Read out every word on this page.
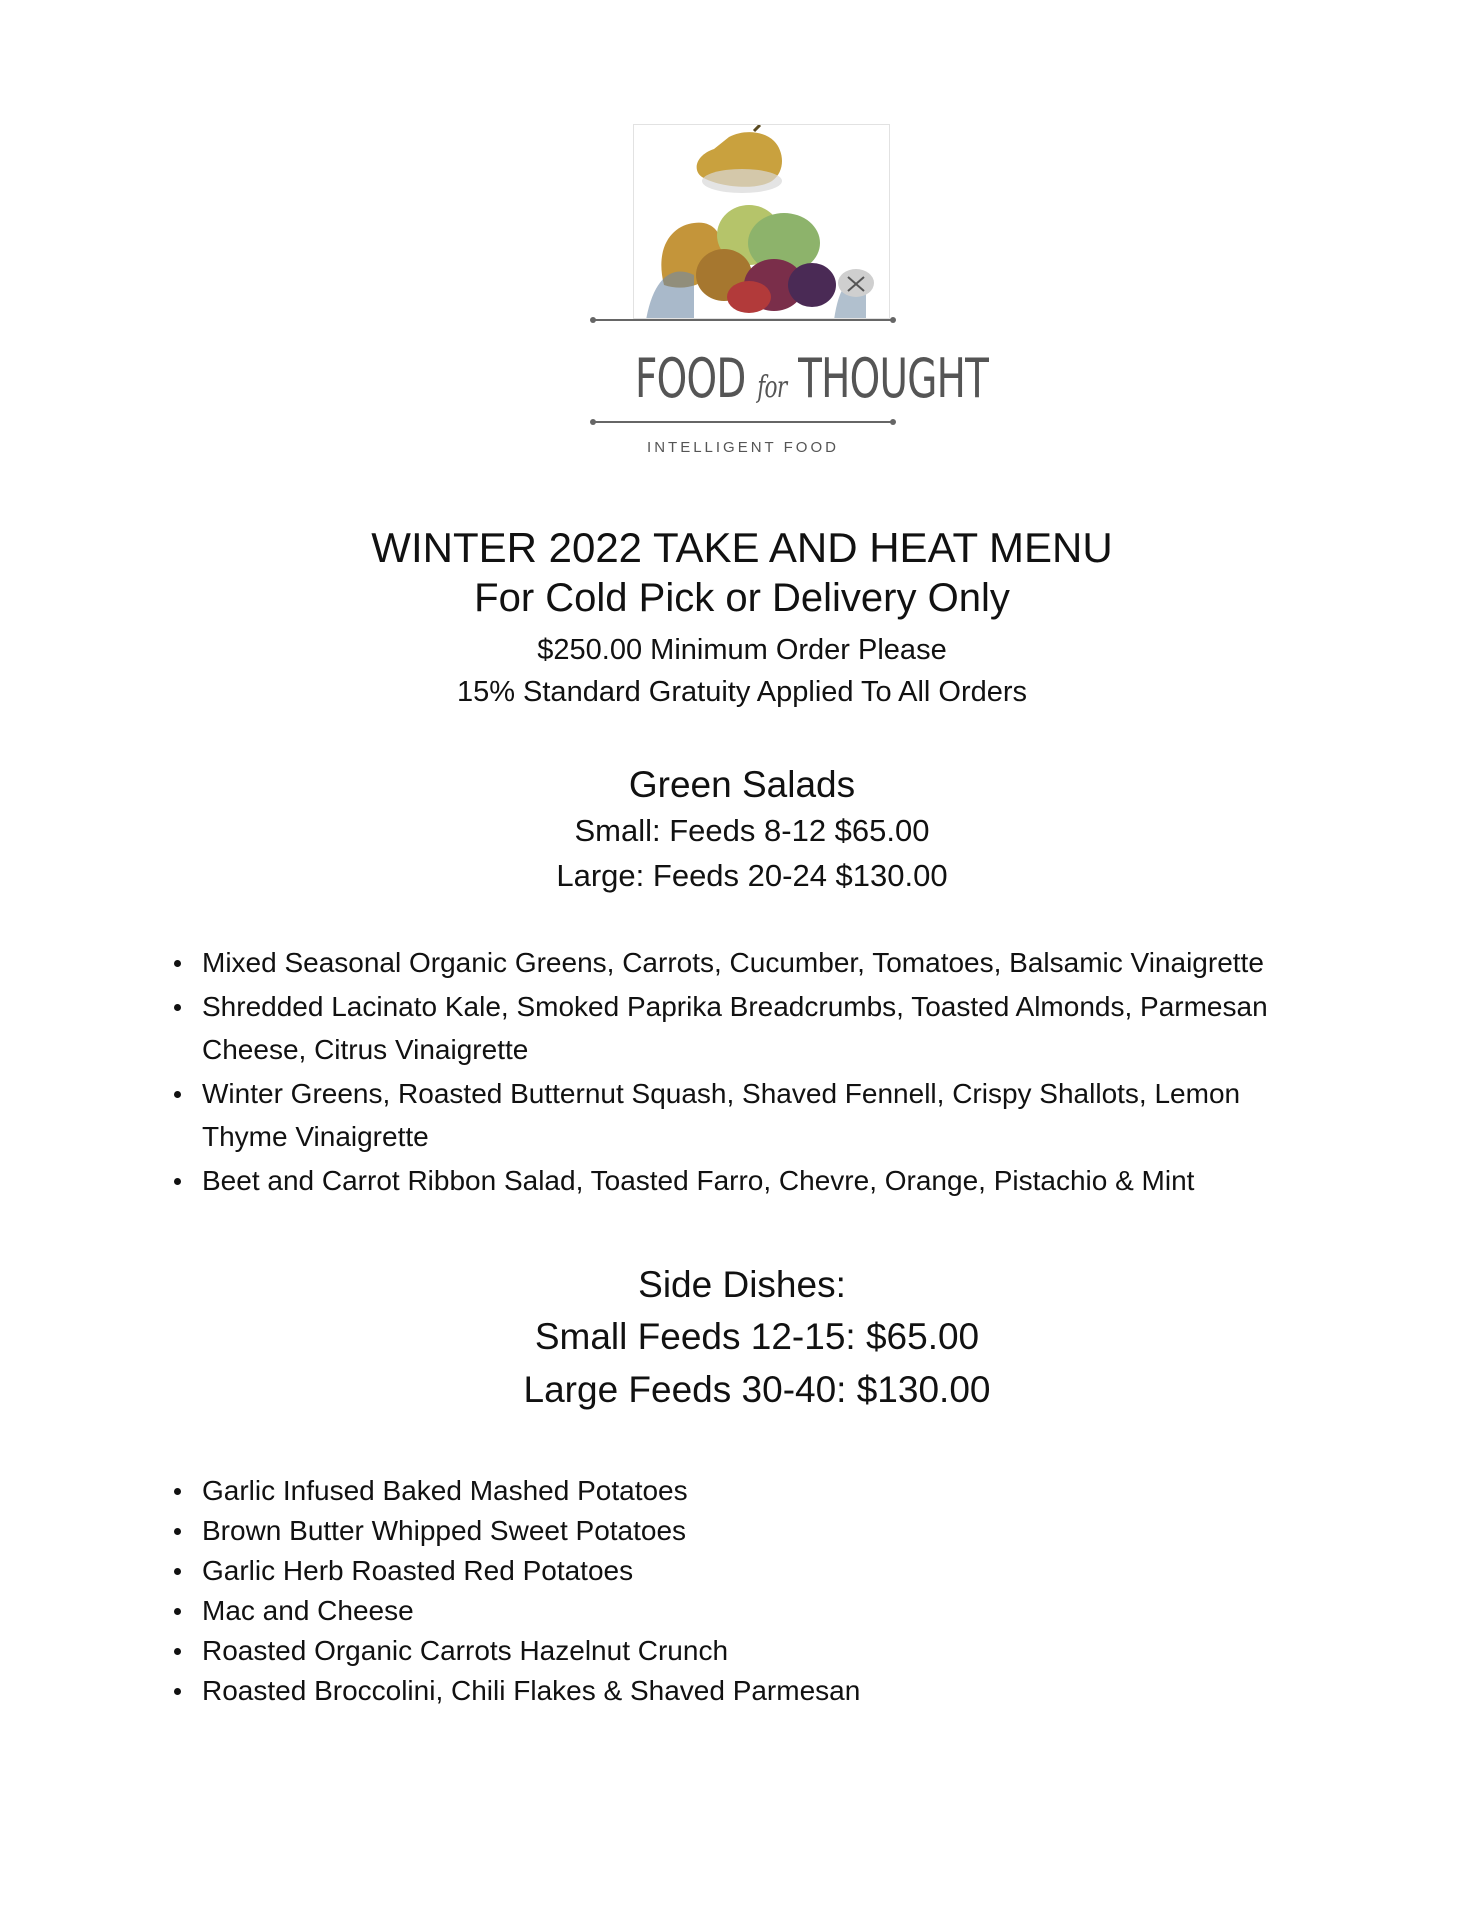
FOOD for THOUGHT
INTELLIGENT FOOD
WINTER 2022 TAKE AND HEAT MENU
For Cold Pick or Delivery Only
$250.00 Minimum Order Please
15% Standard Gratuity Applied To All Orders
Green Salads
Small: Feeds 8-12 $65.00
Large: Feeds 20-24 $130.00
Mixed Seasonal Organic Greens, Carrots, Cucumber, Tomatoes, Balsamic Vinaigrette
Shredded Lacinato Kale, Smoked Paprika Breadcrumbs, Toasted Almonds, Parmesan Cheese, Citrus Vinaigrette
Winter Greens, Roasted Butternut Squash, Shaved Fennell, Crispy Shallots, Lemon Thyme Vinaigrette
Beet and Carrot Ribbon Salad, Toasted Farro, Chevre, Orange, Pistachio & Mint
Side Dishes:
Small Feeds 12-15: $65.00
Large Feeds 30-40: $130.00
Garlic Infused Baked Mashed Potatoes
Brown Butter Whipped Sweet Potatoes
Garlic Herb Roasted Red Potatoes
Mac and Cheese
Roasted Organic Carrots Hazelnut Crunch
Roasted Broccolini, Chili Flakes & Shaved Parmesan
